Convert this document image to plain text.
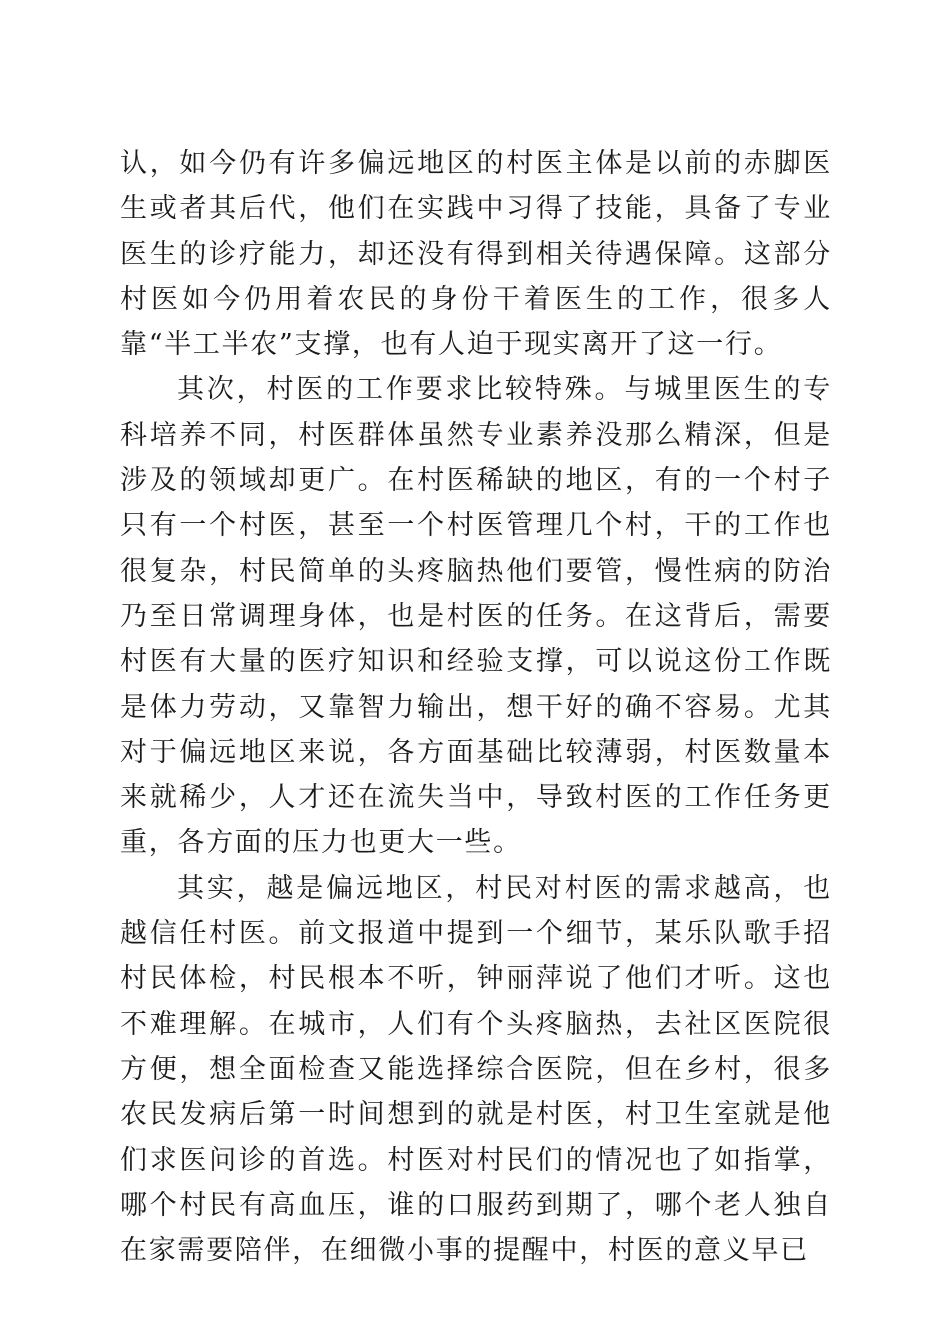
认，如今仍有许多偏远地区的村医主体是以前的赤脚医生或者其后代，他们在实践中习得了技能，具备了专业医生的诊疗能力，却还没有得到相关待遇保障。这部分村医如今仍用着农民的身份干着医生的工作，很多人靠“半工半农”支撑，也有人迫于现实离开了这一行。

其次，村医的工作要求比较特殊。与城里医生的专科培养不同，村医群体虽然专业素养没那么精深，但是涉及的领域却更广。在村医稀缺的地区，有的一个村子只有一个村医，甚至一个村医管理几个村，干的工作也很复杂，村民简单的头疼脑热他们要管，慢性病的防治乃至日常调理身体，也是村医的任务。在这背后，需要村医有大量的医疗知识和经验支撑，可以说这份工作既是体力劳动，又靠智力输出，想干好的确不容易。尤其对于偏远地区来说，各方面基础比较薄弱，村医数量本来就稀少，人才还在流失当中，导致村医的工作任务更重，各方面的压力也更大一些。

其实，越是偏远地区，村民对村医的需求越高，也越信任村医。前文报道中提到一个细节，某乐队歌手招村民体检，村民根本不听，钟丽萍说了他们才听。这也不难理解。在城市，人们有个头疼脑热，去社区医院很方便，想全面检查又能选择综合医院，但在乡村，很多农民发病后第一时间想到的就是村医，村卫生室就是他们求医问诊的首选。村医对村民们的情况也了如指掌，哪个村民有高血压，谁的口服药到期了，哪个老人独自在家需要陪伴，在细微小事的提醒中，村医的意义早已
